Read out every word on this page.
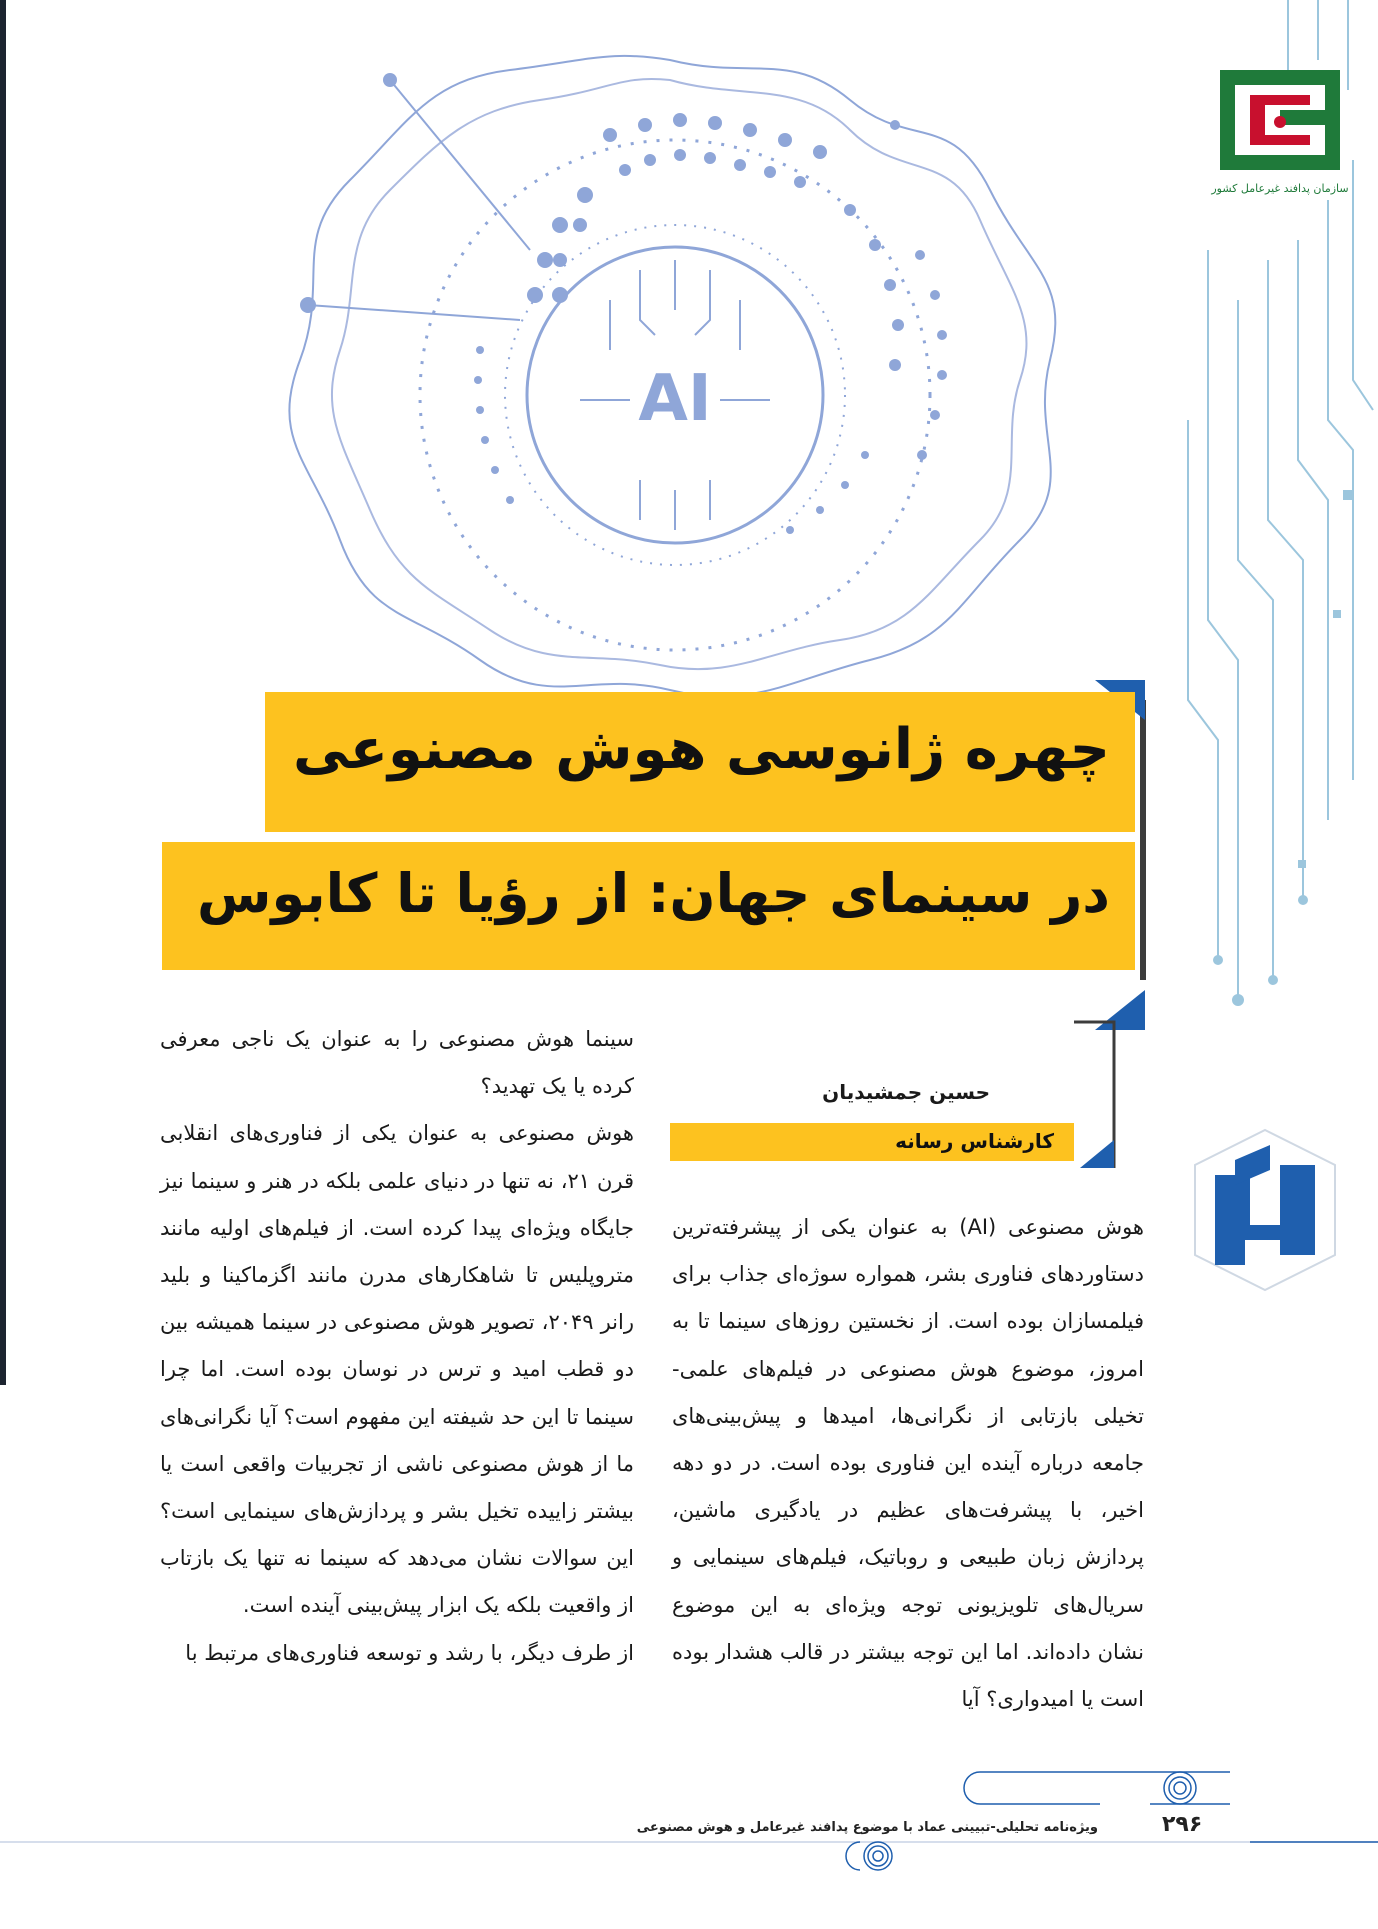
AI
سازمان پدافند غیرعامل کشور
چهره ژانوسی هوش مصنوعی
در سینمای جهان: از رؤیا تا کابوس
حسین جمشیدیان
کارشناس رسانه

هوش مصنوعی (AI) به عنوان یکی از پیشرفته‌ترین دستاوردهای فناوری بشر، همواره سوژه‌ای جذاب برای فیلمسازان بوده است. از نخستین روزهای سینما تا به امروز، موضوع هوش مصنوعی در فیلم‌های علمی-تخیلی بازتابی از نگرانی‌ها، امیدها و پیش‌بینی‌های جامعه درباره آینده این فناوری بوده است. در دو دهه اخیر، با پیشرفت‌های عظیم در یادگیری ماشین، پردازش زبان طبیعی و روباتیک، فیلم‌های سینمایی و سریال‌های تلویزیونی توجه ویژه‌ای به این موضوع نشان داده‌اند. اما این توجه بیشتر در قالب هشدار بوده است یا امیدواری؟ آیا

سینما هوش مصنوعی را به عنوان یک ناجی معرفی کرده یا یک تهدید؟

هوش مصنوعی به عنوان یکی از فناوری‌های انقلابی قرن ۲۱، نه تنها در دنیای علمی بلکه در هنر و سینما نیز جایگاه ویژه‌ای پیدا کرده است. از فیلم‌های اولیه مانند متروپلیس تا شاهکارهای مدرن مانند اگزماکینا و بلید رانر ۲۰۴۹، تصویر هوش مصنوعی در سینما همیشه بین دو قطب امید و ترس در نوسان بوده است. اما چرا سینما تا این حد شیفته این مفهوم است؟ آیا نگرانی‌های ما از هوش مصنوعی ناشی از تجربیات واقعی است یا بیشتر زاییده تخیل بشر و پردازش‌های سینمایی است؟ این سوالات نشان می‌دهد که سینما نه تنها یک بازتاب از واقعیت بلکه یک ابزار پیش‌بینی آینده است.

از طرف دیگر، با رشد و توسعه فناوری‌های مرتبط با

ویژه‌نامه تحلیلی-تبیینی عماد با موضوع پدافند غیرعامل و هوش مصنوعی	۲۹۶
